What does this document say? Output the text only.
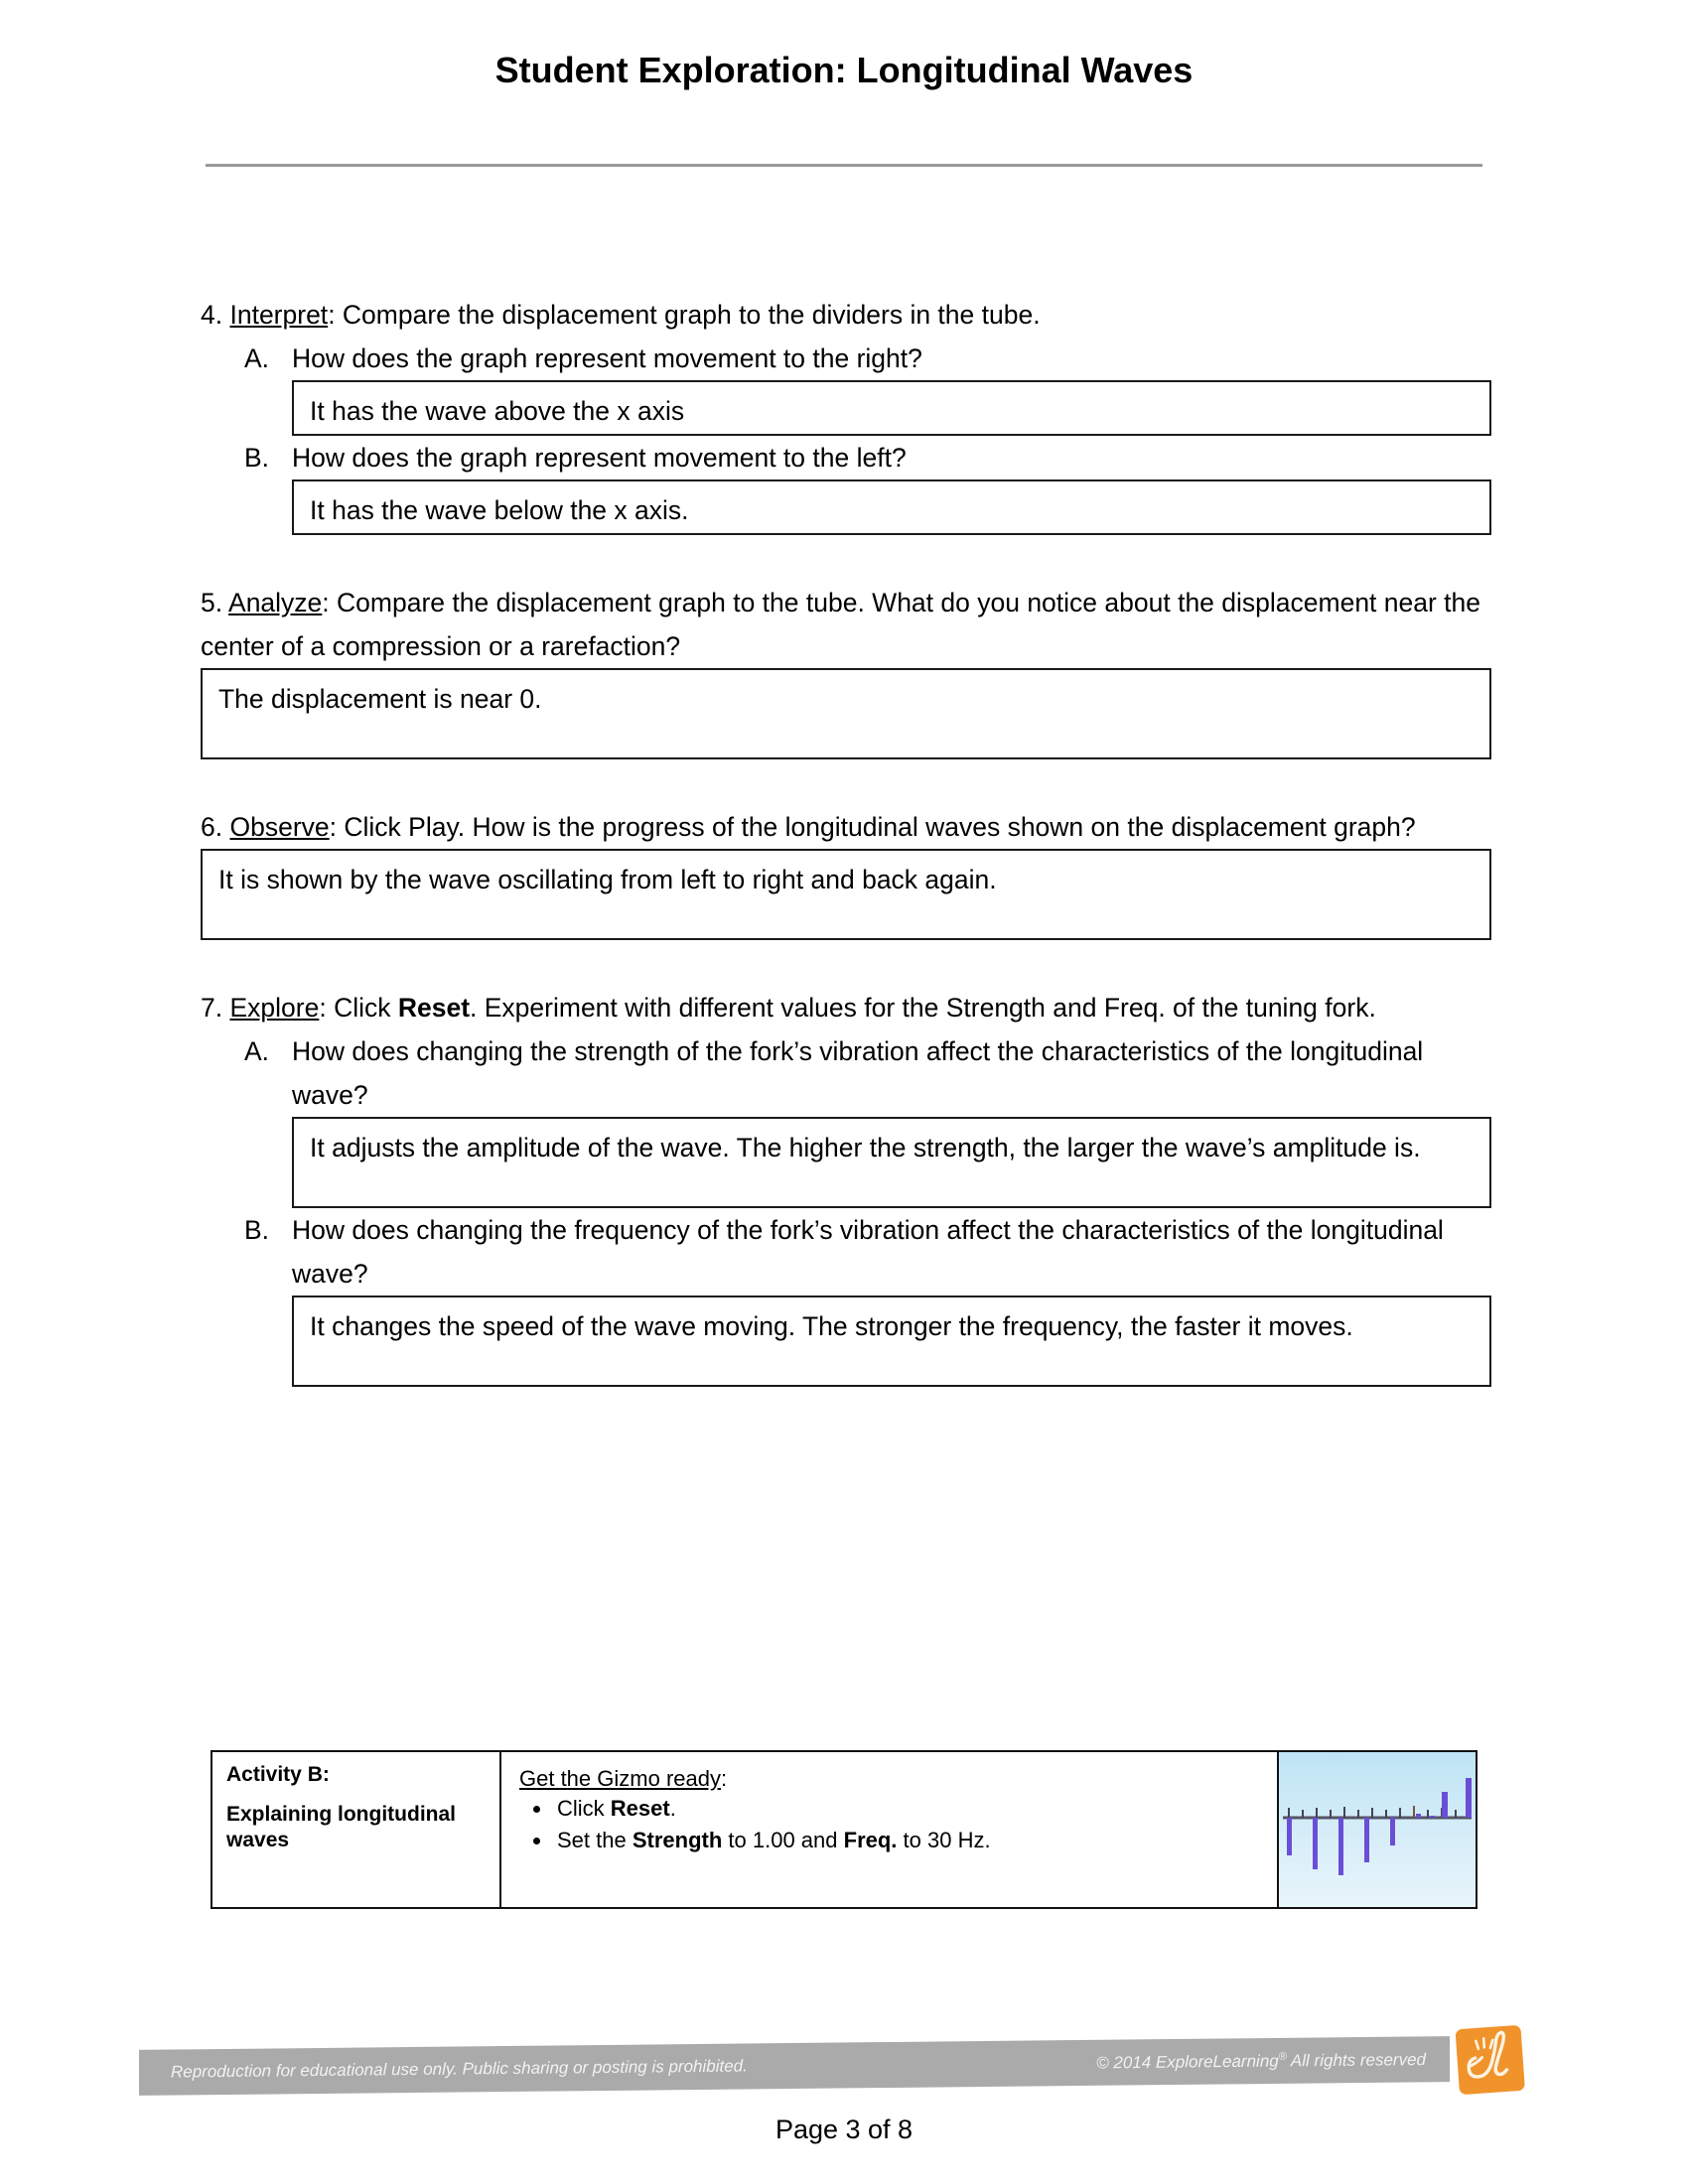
Student Exploration: Longitudinal Waves
4. Interpret: Compare the displacement graph to the dividers in the tube.
A. How does the graph represent movement to the right?
It has the wave above the x axis
B. How does the graph represent movement to the left?
It has the wave below the x axis.
5. Analyze: Compare the displacement graph to the tube. What do you notice about the displacement near the center of a compression or a rarefaction?
The displacement is near 0.
6. Observe: Click Play. How is the progress of the longitudinal waves shown on the displacement graph?
It is shown by the wave oscillating from left to right and back again.
7. Explore: Click Reset. Experiment with different values for the Strength and Freq. of the tuning fork.
A. How does changing the strength of the fork’s vibration affect the characteristics of the longitudinal wave?
It adjusts the amplitude of the wave. The higher the strength, the larger the wave’s amplitude is.
B. How does changing the frequency of the fork’s vibration affect the characteristics of the longitudinal wave?
It changes the speed of the wave moving. The stronger the frequency, the faster it moves.
Activity B:
Explaining longitudinal waves
Get the Gizmo ready:
• Click Reset.
• Set the Strength to 1.00 and Freq. to 30 Hz.
Reproduction for educational use only. Public sharing or posting is prohibited.	© 2014 ExploreLearning® All rights reserved
Page 3 of 8
